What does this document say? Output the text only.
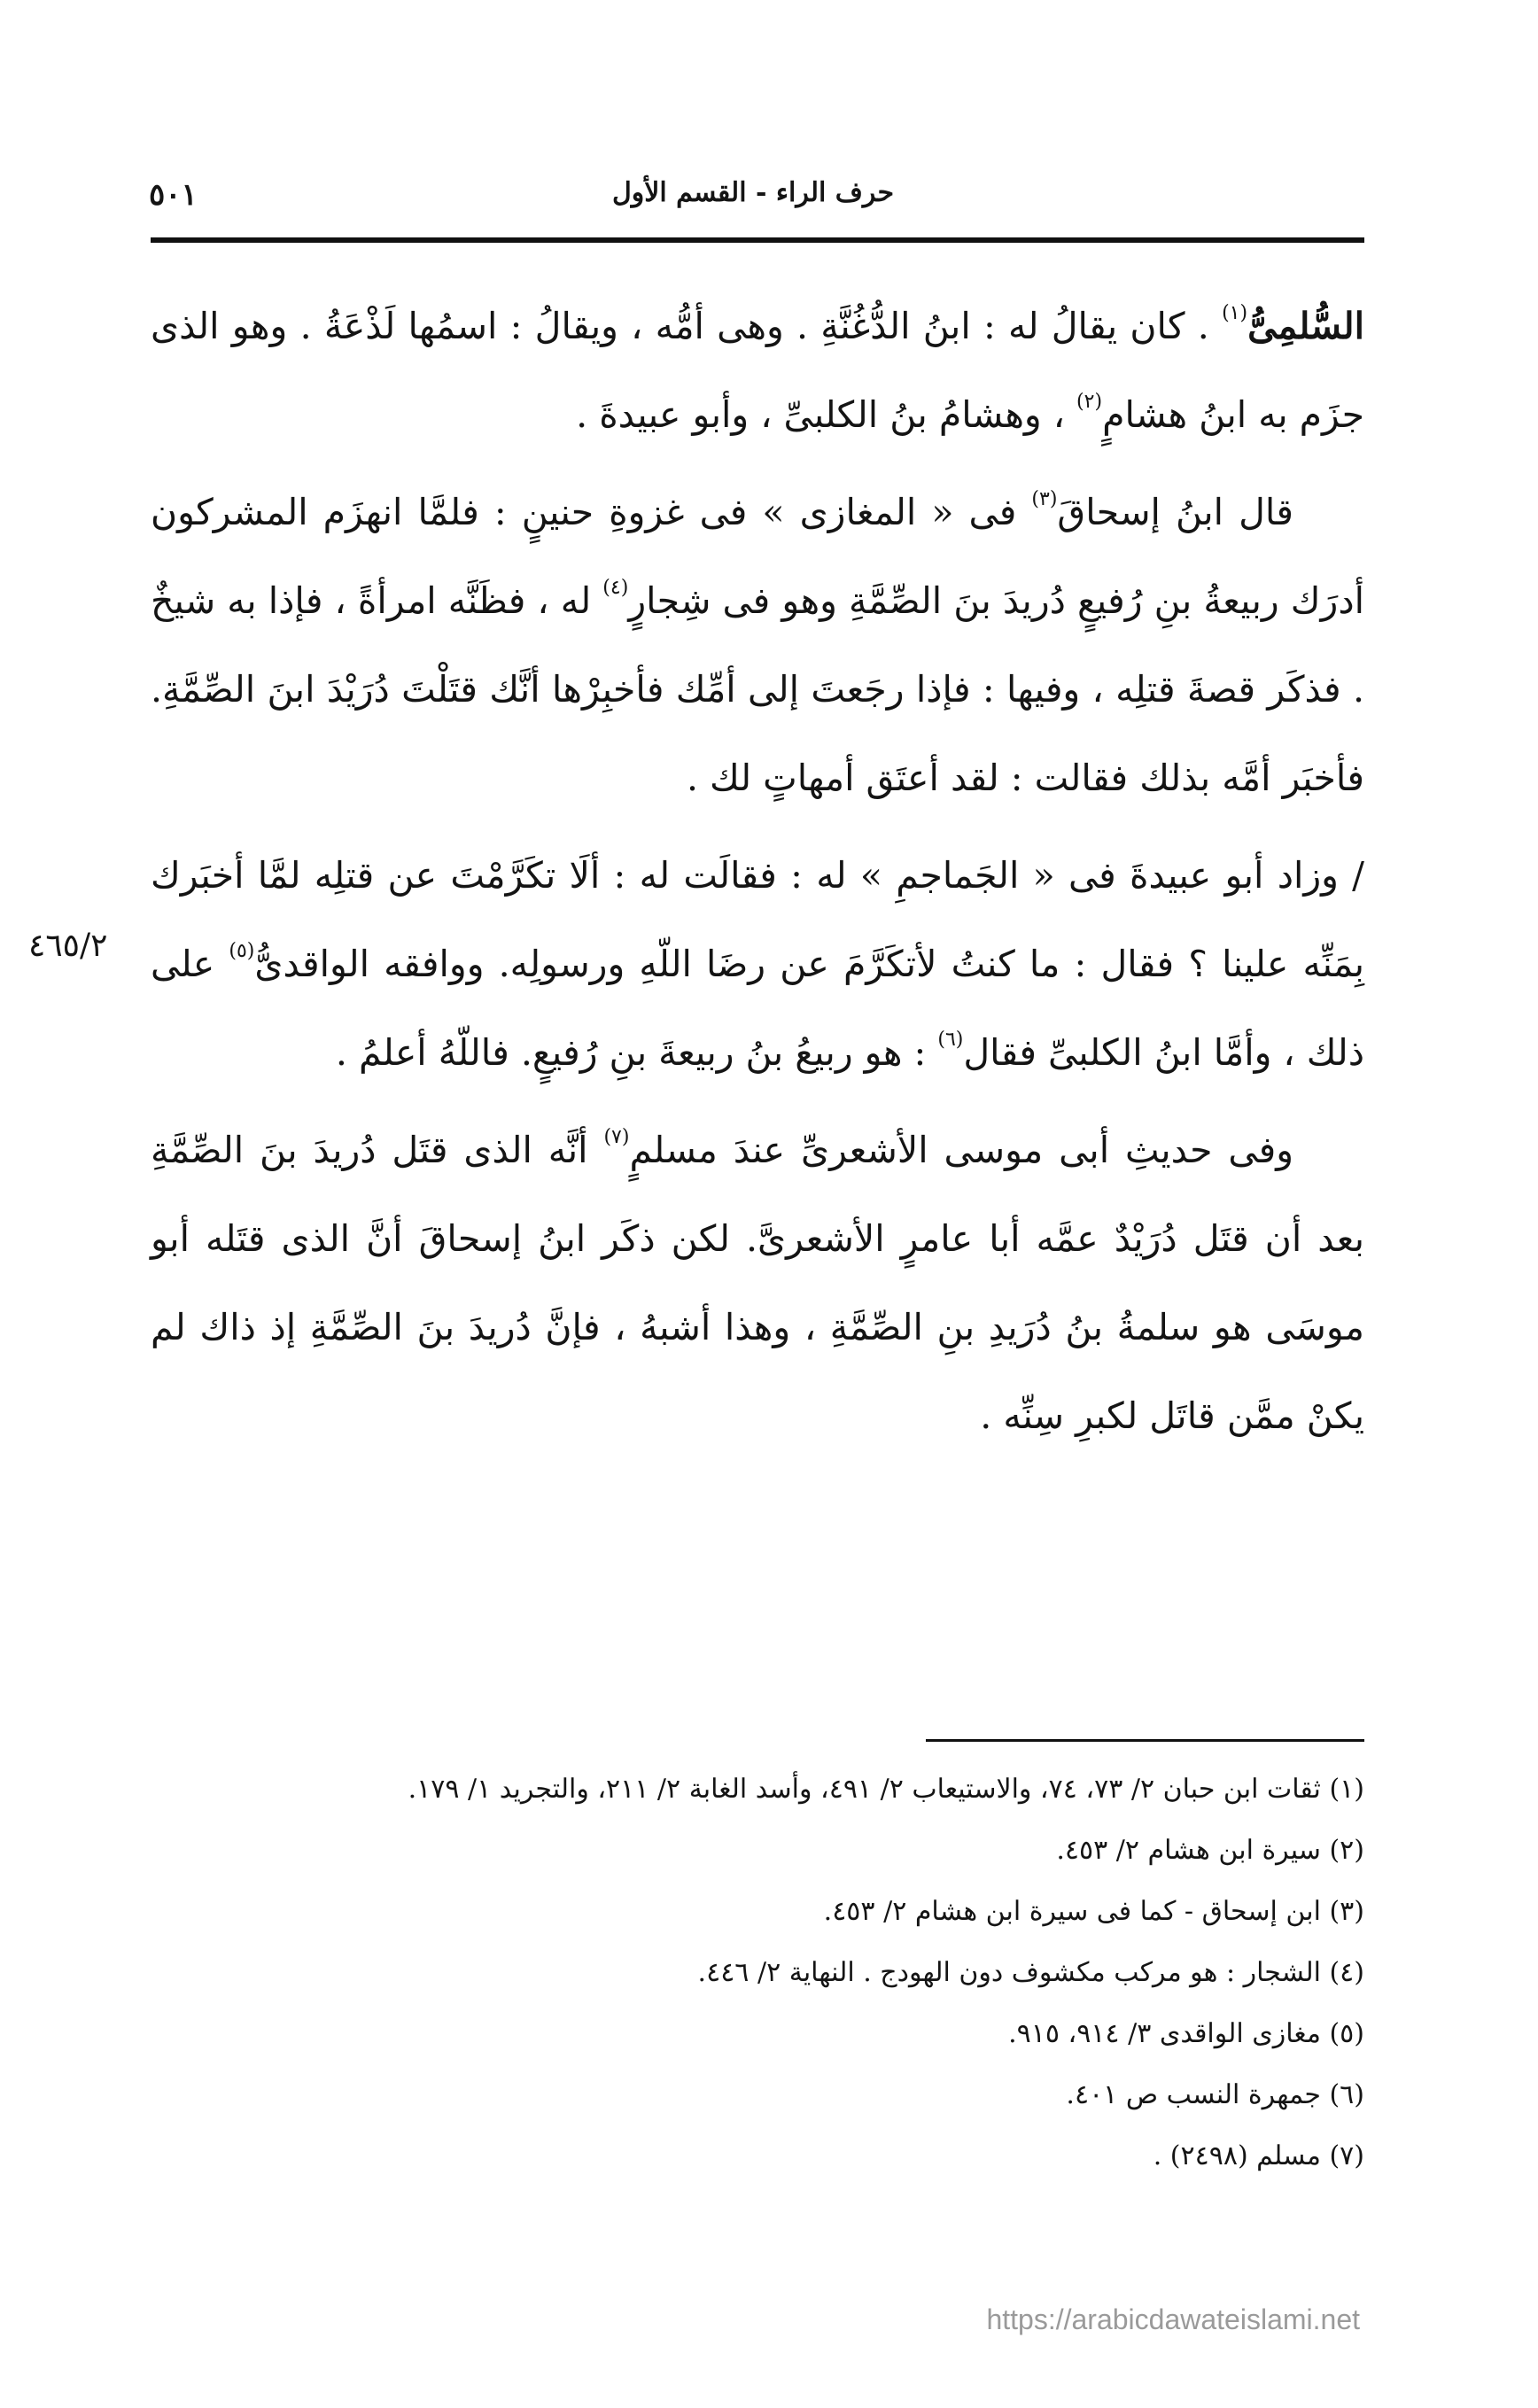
حرف الراء - القسم الأول
٥٠١

السُّلمِىُّ$^{(١)}$ . كان يقالُ له : ابنُ الدُّغُنَّةِ . وهى أمُّه ، ويقالُ : اسمُها لَذْعَةُ . وهو الذى جزَم به ابنُ هشامٍ$^{(٢)}$ ، وهشامُ بنُ الكلبىِّ ، وأبو عبيدةَ .

قال ابنُ إسحاقَ$^{(٣)}$ فى « المغازى » فى غزوةِ حنينٍ : فلمَّا انهزَم المشركون أدرَك ربيعةُ بنِ رُفيعٍ دُريدَ بنَ الصِّمَّةِ وهو فى شِجارٍ$^{(٤)}$ له ، فظَنَّه امرأةً ، فإذا به شيخٌ . فذكَر قصةَ قتلِه ، وفيها : فإذا رجَعتَ إلى أمِّك فأخبِرْها أنَّك قتَلْتَ دُرَيْدَ ابنَ الصِّمَّةِ. فأخبَر أمَّه بذلك فقالت : لقد أعتَق أمهاتٍ لك .

/ وزاد أبو عبيدةَ فى « الجَماجمِ » له : فقالَت له : ألَا تكَرَّمْتَ عن قتلِه لمَّا أخبَرك بِمَنِّه علينا ؟ فقال : ما كنتُ لأتكَرَّمَ عن رضَا اللّهِ ورسولِه. ووافقه الواقدىُّ$^{(٥)}$ على ذلك ، وأمَّا ابنُ الكلبىِّ فقال$^{(٦)}$ : هو ربيعُ بنُ ربيعةَ بنِ رُفيعٍ. فاللّهُ أعلمُ .

وفى حديثِ أبى موسى الأشعرىِّ عندَ مسلمٍ$^{(٧)}$ أنَّه الذى قتَل دُريدَ بنَ الصِّمَّةِ بعد أن قتَل دُرَيْدٌ عمَّه أبا عامرٍ الأشعرىَّ. لكن ذكَر ابنُ إسحاقَ أنَّ الذى قتَله أبو موسَى هو سلمةُ بنُ دُرَيدِ بنِ الصِّمَّةِ ، وهذا أشبهُ ، فإنَّ دُريدَ بنَ الصِّمَّةِ إذ ذاك لم يكنْ ممَّن قاتَل لكبرِ سِنِّه .

٤٦٥/٢

(١) ثقات ابن حبان ٢/ ٧٣، ٧٤، والاستيعاب ٢/ ٤٩١، وأسد الغابة ٢/ ٢١١، والتجريد ١/ ١٧٩.

(٢) سيرة ابن هشام ٢/ ٤٥٣.

(٣) ابن إسحاق - كما فى سيرة ابن هشام ٢/ ٤٥٣.

(٤) الشجار : هو مركب مكشوف دون الهودج . النهاية ٢/ ٤٤٦.

(٥) مغازى الواقدى ٣/ ٩١٤، ٩١٥.

(٦) جمهرة النسب ص ٤٠١.

(٧) مسلم (٢٤٩٨) .

https://arabicdawateislami.net
